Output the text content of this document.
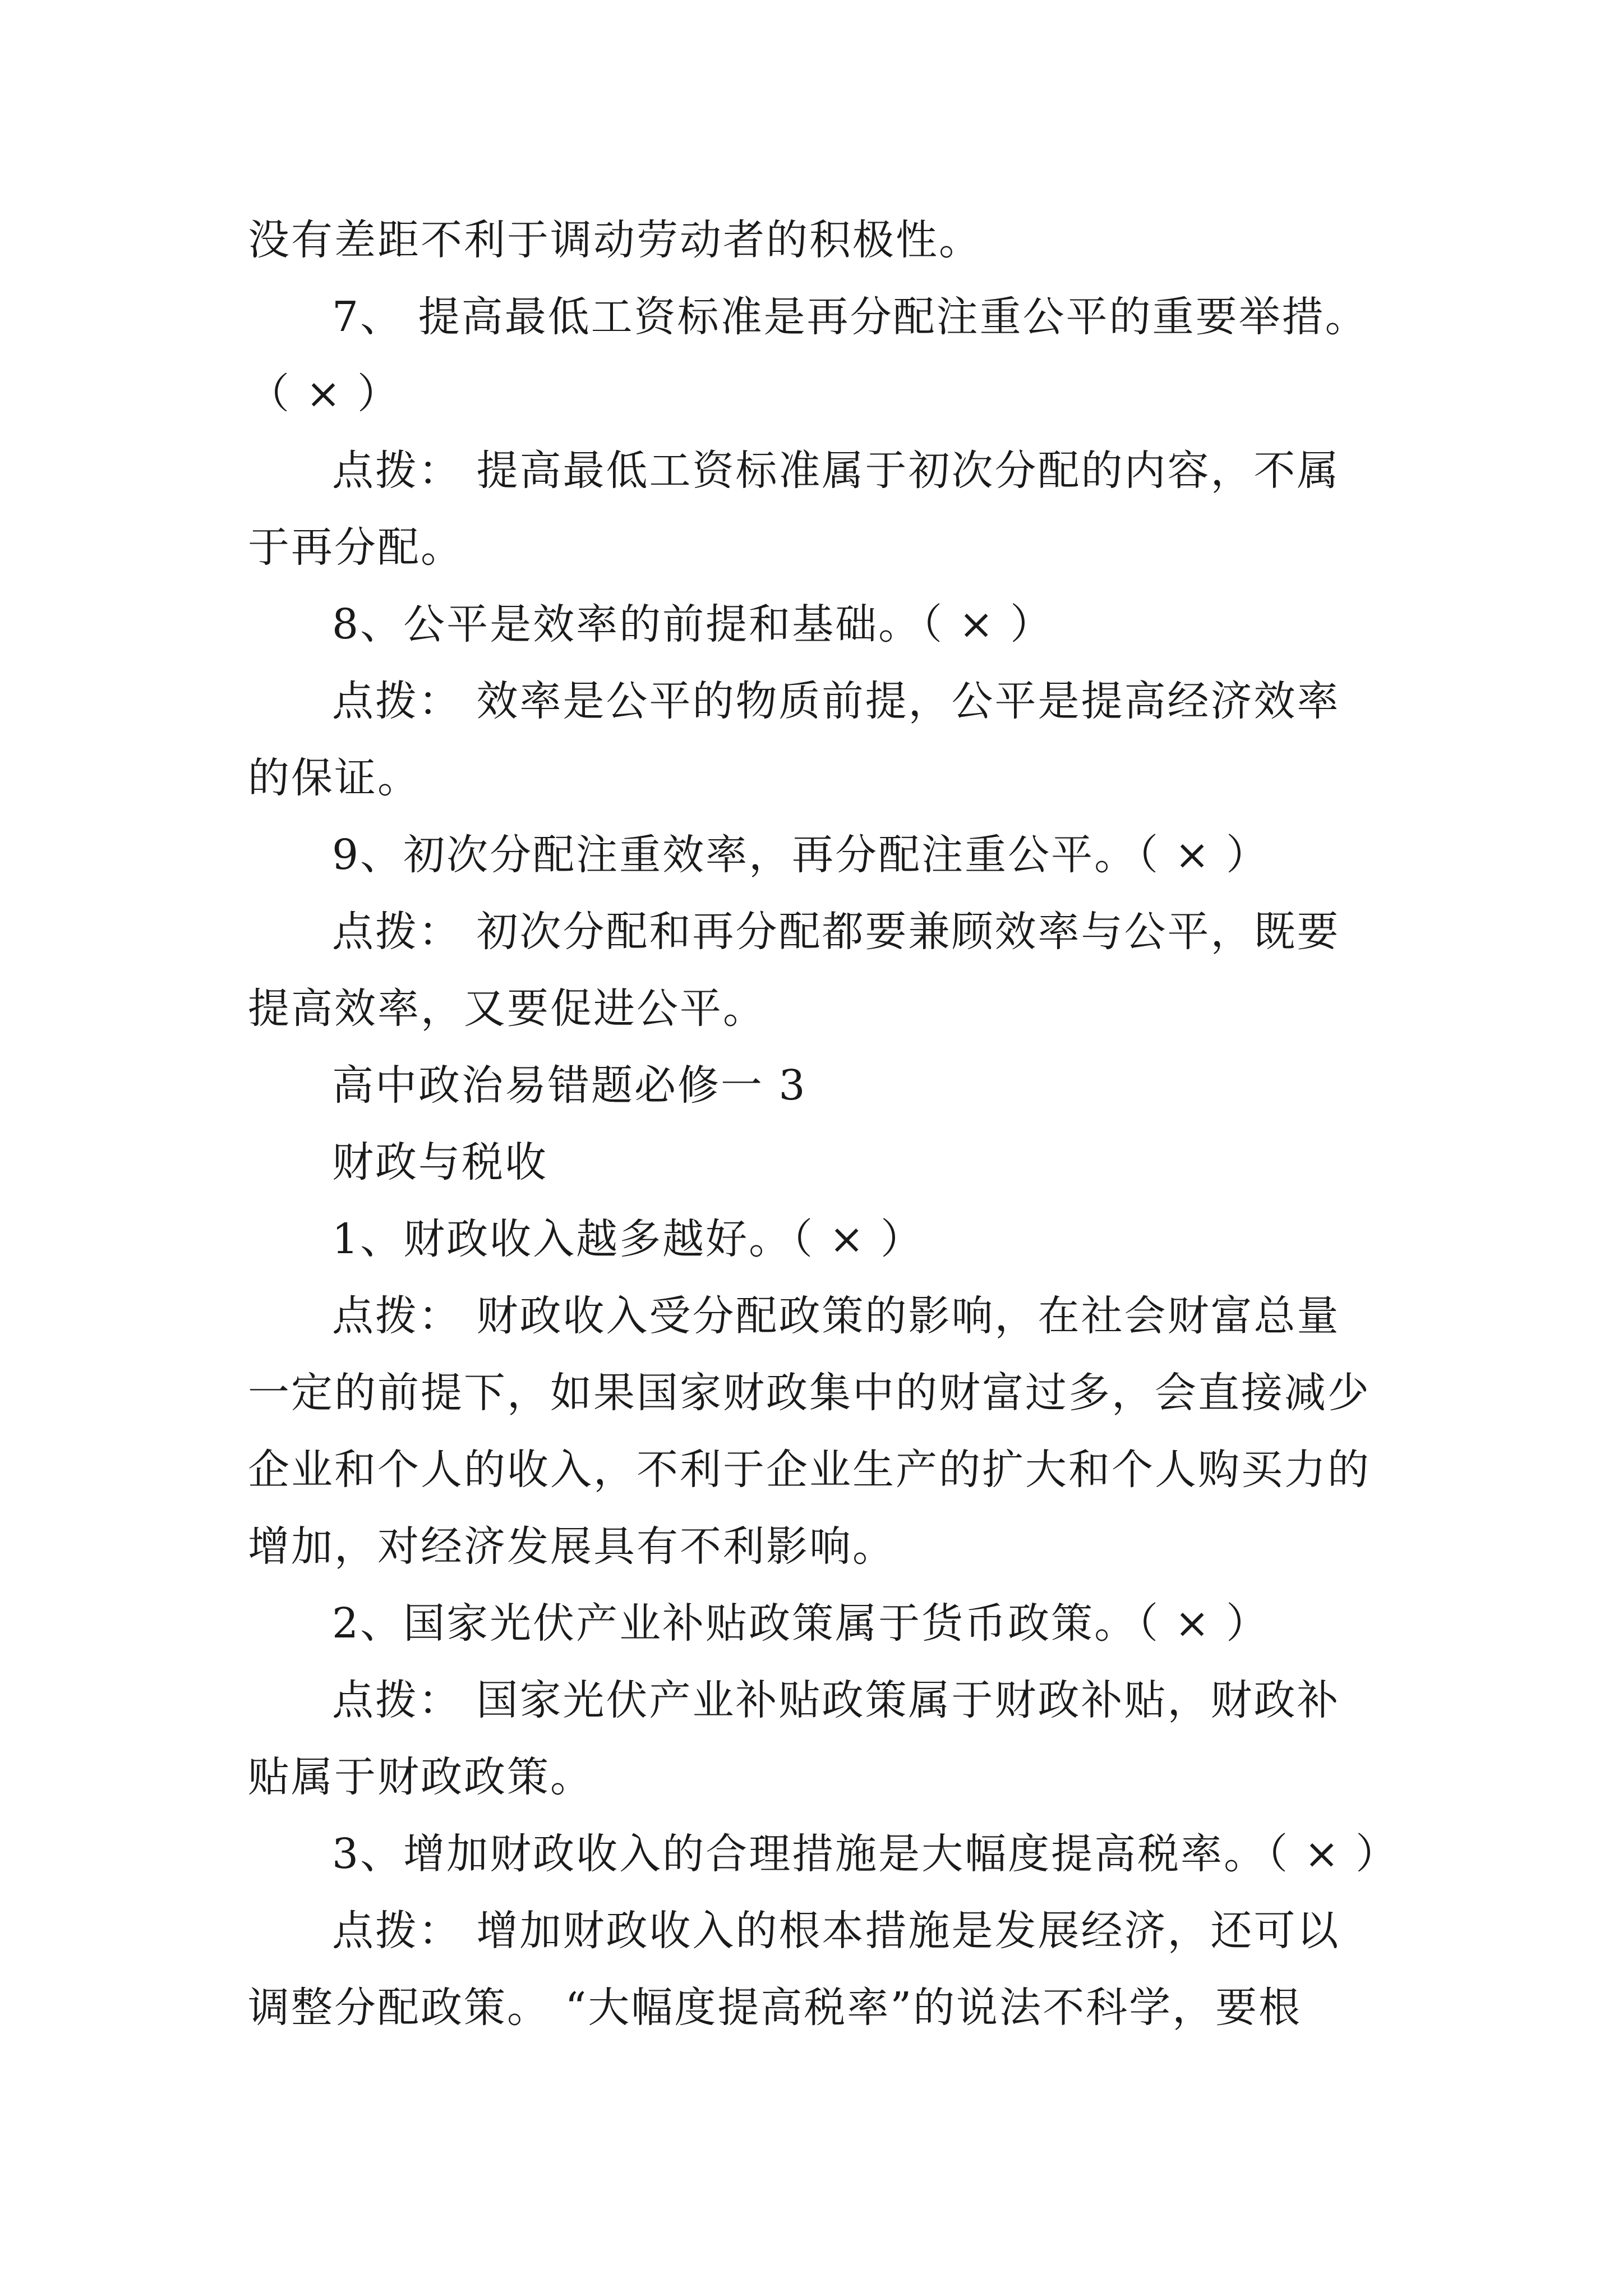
没有差距不利于调动劳动者的积极性。
7、 提高最低工资标准是再分配注重公平的重要举措。
（ × ）
点拨： 提高最低工资标准属于初次分配的内容，不属
于再分配。
8、公平是效率的前提和基础。（ × ）
点拨： 效率是公平的物质前提，公平是提高经济效率
的保证。
9、初次分配注重效率，再分配注重公平。（ × ）
点拨： 初次分配和再分配都要兼顾效率与公平，既要
提高效率，又要促进公平。
高中政治易错题必修一 3
财政与税收
1、财政收入越多越好。（ × ）
点拨： 财政收入受分配政策的影响，在社会财富总量
一定的前提下，如果国家财政集中的财富过多，会直接减少
企业和个人的收入，不利于企业生产的扩大和个人购买力的
增加，对经济发展具有不利影响。
2、国家光伏产业补贴政策属于货币政策。（ × ）
点拨： 国家光伏产业补贴政策属于财政补贴，财政补
贴属于财政政策。
3、增加财政收入的合理措施是大幅度提高税率。（ × ）
点拨： 增加财政收入的根本措施是发展经济，还可以
调整分配政策。 “大幅度提高税率”的说法不科学，要根
